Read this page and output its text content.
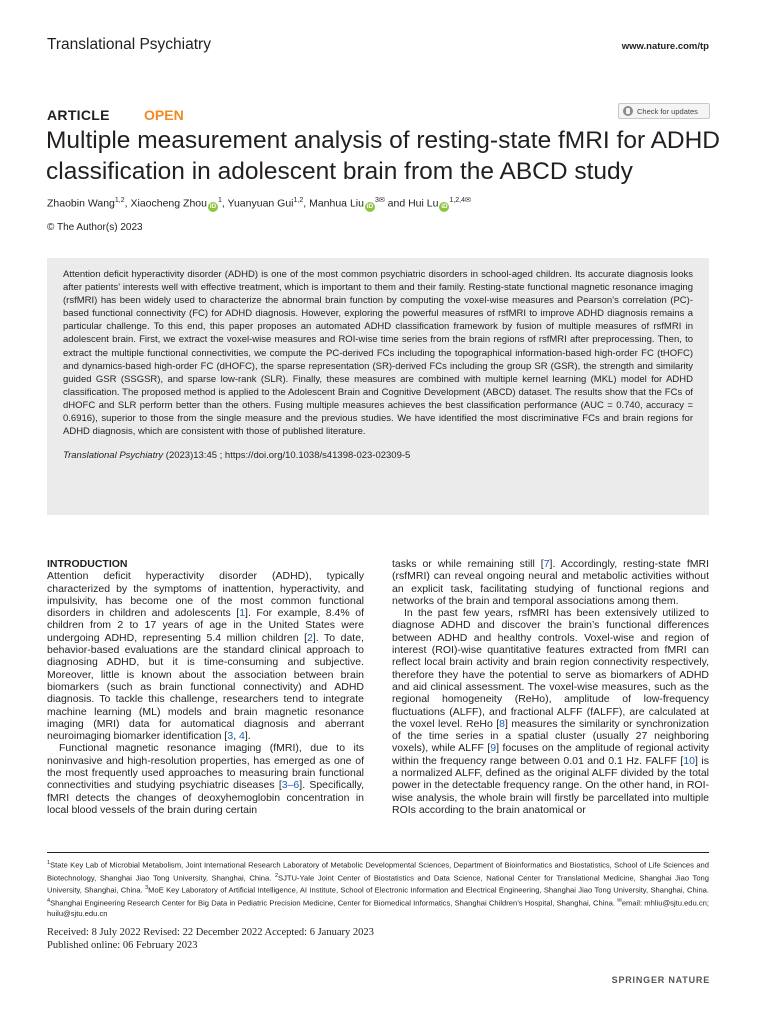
Translational Psychiatry	www.nature.com/tp
ARTICLE OPEN	Check for updates
Multiple measurement analysis of resting-state fMRI for ADHD classification in adolescent brain from the ABCD study
Zhaobin Wang$^{1,2}$, Xiaocheng Zhou $iD^1$, Yuanyuan Gui$^{1,2}$, Manhua Liu $iD^{3✉}$ and Hui Lu $iD^{1,2,4✉}$
© The Author(s) 2023

Attention deficit hyperactivity disorder (ADHD) is one of the most common psychiatric disorders in school-aged children. Its accurate diagnosis looks after patients’ interests well with effective treatment, which is important to them and their family. Resting-state functional magnetic resonance imaging (rsfMRI) has been widely used to characterize the abnormal brain function by computing the voxel-wise measures and Pearson’s correlation (PC)-based functional connectivity (FC) for ADHD diagnosis. However, exploring the powerful measures of rsfMRI to improve ADHD diagnosis remains a particular challenge. To this end, this paper proposes an automated ADHD classification framework by fusion of multiple measures of rsfMRI in adolescent brain. First, we extract the voxel-wise measures and ROI-wise time series from the brain regions of rsfMRI after preprocessing. Then, to extract the multiple functional connectivities, we compute the PC-derived FCs including the topographical information-based high-order FC (tHOFC) and dynamics-based high-order FC (dHOFC), the sparse representation (SR)-derived FCs including the group SR (GSR), the strength and similarity guided GSR (SSGSR), and sparse low-rank (SLR). Finally, these measures are combined with multiple kernel learning (MKL) model for ADHD classification. The proposed method is applied to the Adolescent Brain and Cognitive Development (ABCD) dataset. The results show that the FCs of dHOFC and SLR perform better than the others. Fusing multiple measures achieves the best classification performance (AUC = 0.740, accuracy = 0.6916), superior to those from the single measure and the previous studies. We have identified the most discriminative FCs and brain regions for ADHD diagnosis, which are consistent with those of published literature.

Translational Psychiatry (2023)13:45 ; https://doi.org/10.1038/s41398-023-02309-5
INTRODUCTION

Attention deficit hyperactivity disorder (ADHD), typically characterized by the symptoms of inattention, hyperactivity, and impulsivity, has become one of the most common functional disorders in children and adolescents [1]. For example, 8.4% of children from 2 to 17 years of age in the United States were undergoing ADHD, representing 5.4 million children [2]. To date, behavior-based evaluations are the standard clinical approach to diagnosing ADHD, but it is time-consuming and subjective. Moreover, little is known about the association between brain biomarkers (such as brain functional connectivity) and ADHD diagnosis. To tackle this challenge, researchers tend to integrate machine learning (ML) models and brain magnetic resonance imaging (MRI) data for automatical diagnosis and aberrant neuroimaging biomarker identification [3, 4].

Functional magnetic resonance imaging (fMRI), due to its noninvasive and high-resolution properties, has emerged as one of the most frequently used approaches to measuring brain functional connectivities and studying psychiatric diseases [3–6]. Specifically, fMRI detects the changes of deoxyhemoglobin concentration in local blood vessels of the brain during certain

tasks or while remaining still [7]. Accordingly, resting-state fMRI (rsfMRI) can reveal ongoing neural and metabolic activities without an explicit task, facilitating studying of functional regions and networks of the brain and temporal associations among them.

In the past few years, rsfMRI has been extensively utilized to diagnose ADHD and discover the brain’s functional differences between ADHD and healthy controls. Voxel-wise and region of interest (ROI)-wise quantitative features extracted from fMRI can reflect local brain activity and brain region connectivity respectively, therefore they have the potential to serve as biomarkers of ADHD and aid clinical assessment. The voxel-wise measures, such as the regional homogeneity (ReHo), amplitude of low-frequency fluctuations (ALFF), and fractional ALFF (fALFF), are calculated at the voxel level. ReHo [8] measures the similarity or synchronization of the time series in a spatial cluster (usually 27 neighboring voxels), while ALFF [9] focuses on the amplitude of regional activity within the frequency range between 0.01 and 0.1 Hz. FALFF [10] is a normalized ALFF, defined as the original ALFF divided by the total power in the detectable frequency range. On the other hand, in ROI-wise analysis, the whole brain will firstly be parcellated into multiple ROIs according to the brain anatomical or

$^1$State Key Lab of Microbial Metabolism, Joint International Research Laboratory of Metabolic Developmental Sciences, Department of Bioinformatics and Biostatistics, School of Life Sciences and Biotechnology, Shanghai Jiao Tong University, Shanghai, China. $^2$SJTU-Yale Joint Center of Biostatistics and Data Science, National Center for Translational Medicine, Shanghai Jiao Tong University, Shanghai, China. $^3$MoE Key Laboratory of Artificial Intelligence, AI Institute, School of Electronic Information and Electrical Engineering, Shanghai Jiao Tong University, Shanghai, China. $^4$Shanghai Engineering Research Center for Big Data in Pediatric Precision Medicine, Center for Biomedical Informatics, Shanghai Children’s Hospital, Shanghai, China. ✉email: mhliu@sjtu.edu.cn; huilu@sjtu.edu.cn
Received: 8 July 2022 Revised: 22 December 2022 Accepted: 6 January 2023
Published online: 06 February 2023
SPRINGER NATURE
